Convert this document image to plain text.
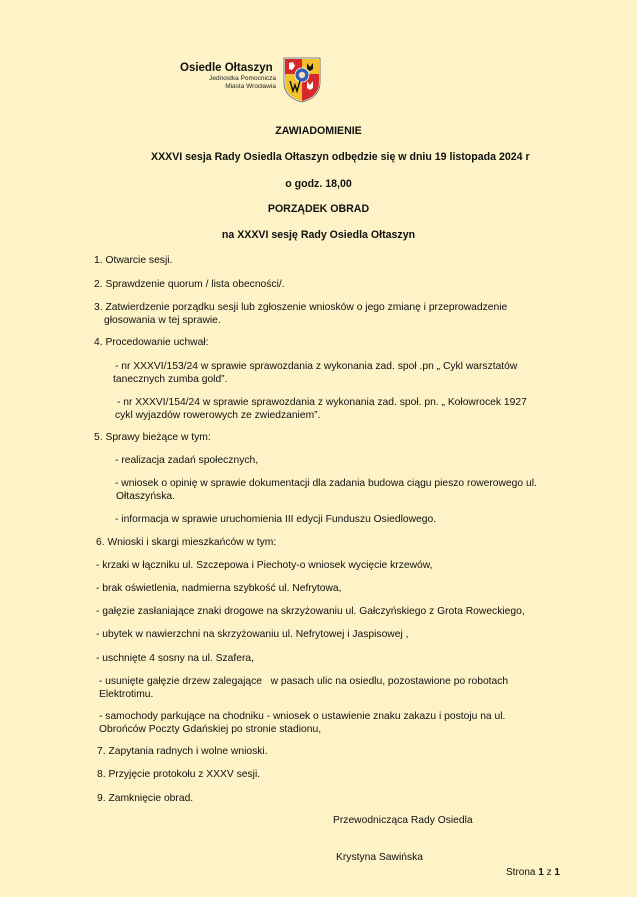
Osiedle Ołtaszyn
Jednostka Pomocnicza
Miasta Wrocławia
ZAWIADOMIENIE
XXXVI sesja Rady Osiedla Ołtaszyn odbędzie się w dniu 19 listopada 2024 r
o godz. 18,00
PORZĄDEK OBRAD
na XXXVI sesję Rady Osiedla Ołtaszyn
1. Otwarcie sesji.
2. Sprawdzenie quorum / lista obecności/.
3. Zatwierdzenie porządku sesji lub zgłoszenie wniosków o jego zmianę i przeprowadzenie
głosowania w tej sprawie.
4. Procedowanie uchwał:
- nr XXXVI/153/24 w sprawie sprawozdania z wykonania zad. społ .pn „ Cykl warsztatów
tanecznych zumba gold”.
- nr XXXVI/154/24 w sprawie sprawozdania z wykonania zad. społ. pn. „ Kołowrocek 1927
cykl wyjazdów rowerowych ze zwiedzaniem”.
5. Sprawy bieżące w tym:
- realizacja zadań społecznych,
- wniosek o opinię w sprawie dokumentacji dla zadania budowa ciągu pieszo rowerowego ul.
Ołtaszyńska.
- informacja w sprawie uruchomienia III edycji Funduszu Osiedlowego.
6. Wnioski i skargi mieszkańców w tym:
- krzaki w łączniku ul. Szczepowa i Piechoty-o wniosek wycięcie krzewów,
- brak oświetlenia, nadmierna szybkość ul. Nefrytowa,
- gałęzie zasłaniające znaki drogowe na skrzyżowaniu ul. Gałczyńskiego z Grota Roweckiego,
- ubytek w nawierzchni na skrzyżowaniu ul. Nefrytowej i Jaspisowej ,
- uschnięte 4 sosny na ul. Szafera,
- usunięte gałęzie drzew zalegające   w pasach ulic na osiedlu, pozostawione po robotach
Elektrotimu.
- samochody parkujące na chodniku - wniosek o ustawienie znaku zakazu i postoju na ul.
Obrońców Poczty Gdańskiej po stronie stadionu,
7. Zapytania radnych i wolne wnioski.
8. Przyjęcie protokołu z XXXV sesji.
9. Zamknięcie obrad.
Przewodnicząca Rady Osiedla
Krystyna Sawińska
Strona 1 z 1
